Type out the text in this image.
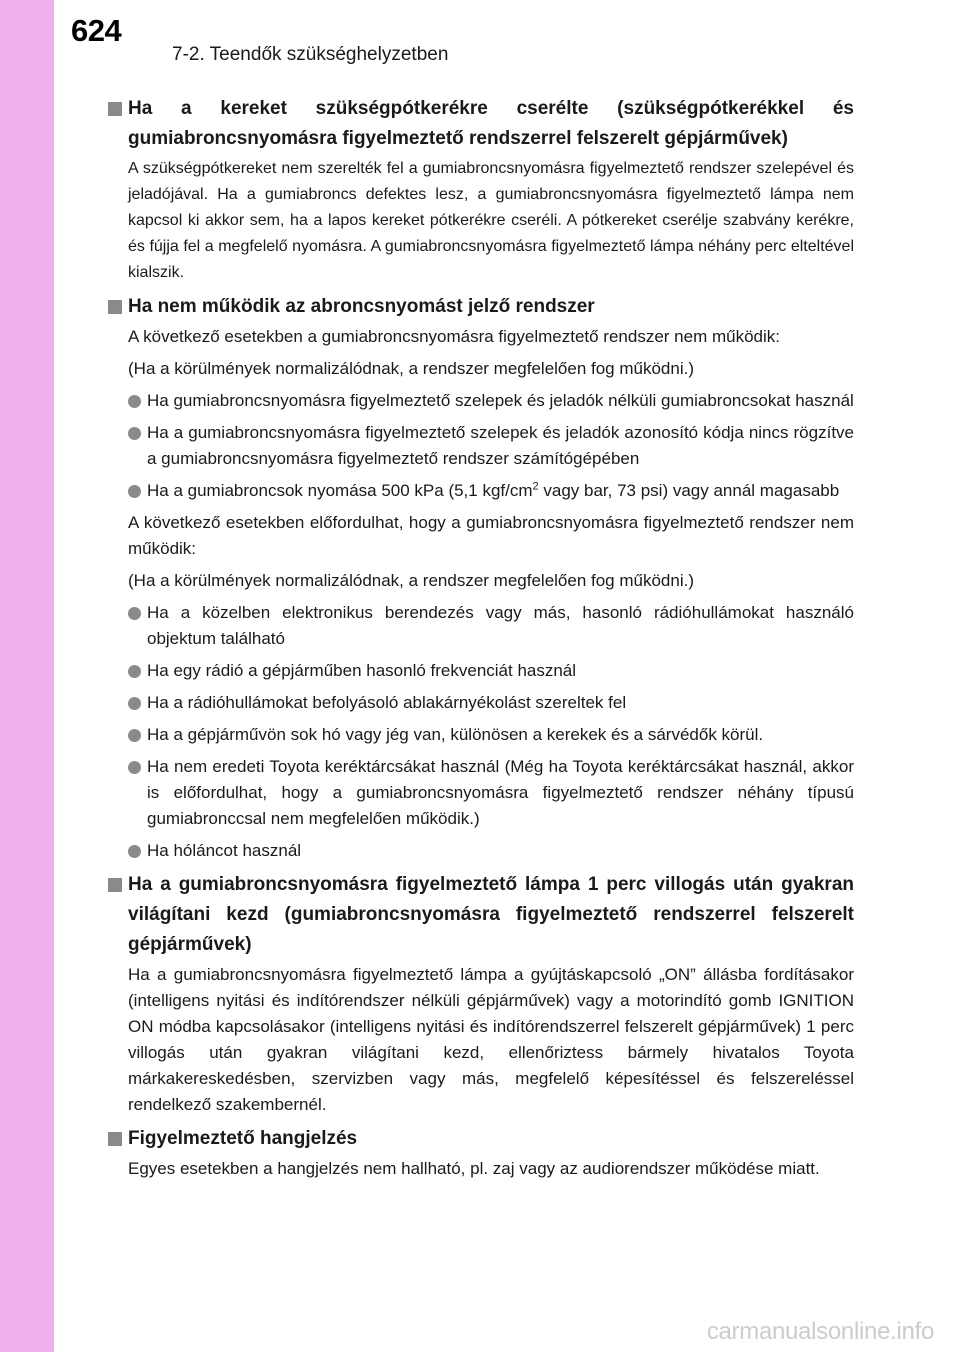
624
7-2. Teendők szükséghelyzetben
Ha a kereket szükségpótkerékre cserélte (szükségpótkerékkel és gumiabroncsnyomásra figyelmeztető rendszerrel felszerelt gépjárművek)

A szükségpótkereket nem szerelték fel a gumiabroncsnyomásra figyelmeztető rendszer szelepével és jeladójával. Ha a gumiabroncs defektes lesz, a gumiabroncsnyomásra figyelmeztető lámpa nem kapcsol ki akkor sem, ha a lapos kereket pótkerékre cseréli. A pótkereket cserélje szabvány kerékre, és fújja fel a megfelelő nyomásra. A gumiabroncsnyomásra figyelmeztető lámpa néhány perc elteltével kialszik.

Ha nem működik az abroncsnyomást jelző rendszer

A következő esetekben a gumiabroncsnyomásra figyelmeztető rendszer nem működik:

(Ha a körülmények normalizálódnak, a rendszer megfelelően fog működni.)

Ha gumiabroncsnyomásra figyelmeztető szelepek és jeladók nélküli gumiabroncsokat használ
Ha a gumiabroncsnyomásra figyelmeztető szelepek és jeladók azonosító kódja nincs rögzítve a gumiabroncsnyomásra figyelmeztető rendszer számítógépében
Ha a gumiabroncsok nyomása 500 kPa (5,1 kgf/$cm^2$ vagy bar, 73 psi) vagy annál magasabb

A következő esetekben előfordulhat, hogy a gumiabroncsnyomásra figyelmeztető rendszer nem működik:

(Ha a körülmények normalizálódnak, a rendszer megfelelően fog működni.)

Ha a közelben elektronikus berendezés vagy más, hasonló rádióhullámokat használó objektum található
Ha egy rádió a gépjárműben hasonló frekvenciát használ
Ha a rádióhullámokat befolyásoló ablakárnyékolást szereltek fel
Ha a gépjárművön sok hó vagy jég van, különösen a kerekek és a sárvédők körül.
Ha nem eredeti Toyota keréktárcsákat használ (Még ha Toyota keréktárcsákat használ, akkor is előfordulhat, hogy a gumiabroncsnyomásra figyelmeztető rendszer néhány típusú gumiabronccsal nem megfelelően működik.)
Ha hóláncot használ
Ha a gumiabroncsnyomásra figyelmeztető lámpa 1 perc villogás után gyakran világítani kezd (gumiabroncsnyomásra figyelmeztető rendszerrel felszerelt gépjárművek)

Ha a gumiabroncsnyomásra figyelmeztető lámpa a gyújtáskapcsoló „ON” állásba fordításakor (intelligens nyitási és indítórendszer nélküli gépjárművek) vagy a motorindító gomb IGNITION ON módba kapcsolásakor (intelligens nyitási és indítórendszerrel felszerelt gépjárművek) 1 perc villogás után gyakran világítani kezd, ellenőriztess bármely hivatalos Toyota márkakereskedésben, szervizben vagy más, megfelelő képesítéssel és felszereléssel rendelkező szakembernél.

Figyelmeztető hangjelzés

Egyes esetekben a hangjelzés nem hallható, pl. zaj vagy az audiorendszer működése miatt.

carmanualsonline.info
